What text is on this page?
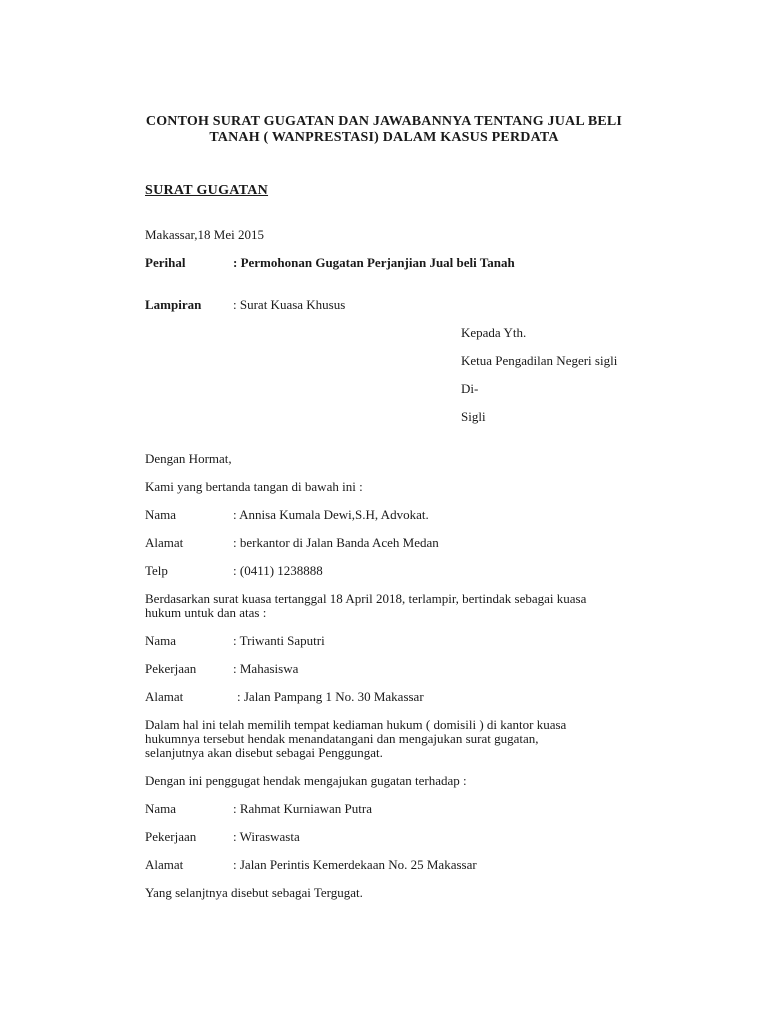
CONTOH SURAT GUGATAN DAN JAWABANNYA TENTANG JUAL BELI
TANAH ( WANPRESTASI) DALAM KASUS PERDATA
SURAT GUGATAN
Makassar,18 Mei 2015
Perihal	: Permohonan Gugatan Perjanjian Jual beli Tanah
Lampiran : Surat Kuasa Khusus
Kepada Yth.
Ketua Pengadilan Negeri sigli
Di-
Sigli
Dengan Hormat,
Kami yang bertanda tangan di bawah ini :
Nama	: Annisa Kumala Dewi,S.H, Advokat.
Alamat	: berkantor di Jalan Banda Aceh Medan
Telp	: (0411) 1238888
Berdasarkan surat kuasa tertanggal 18 April 2018, terlampir, bertindak sebagai kuasa
hukum untuk dan atas :
Nama	: Triwanti Saputri
Pekerjaan	: Mahasiswa
Alamat	: Jalan Pampang 1 No. 30 Makassar
Dalam hal ini telah memilih tempat kediaman hukum ( domisili ) di kantor kuasa
hukumnya tersebut hendak menandatangani dan mengajukan surat gugatan,
selanjutnya akan disebut sebagai Penggungat.
Dengan ini penggugat hendak mengajukan gugatan terhadap :
Nama	: Rahmat Kurniawan Putra
Pekerjaan	: Wiraswasta
Alamat	: Jalan Perintis Kemerdekaan No. 25 Makassar
Yang selanjtnya disebut sebagai Tergugat.
